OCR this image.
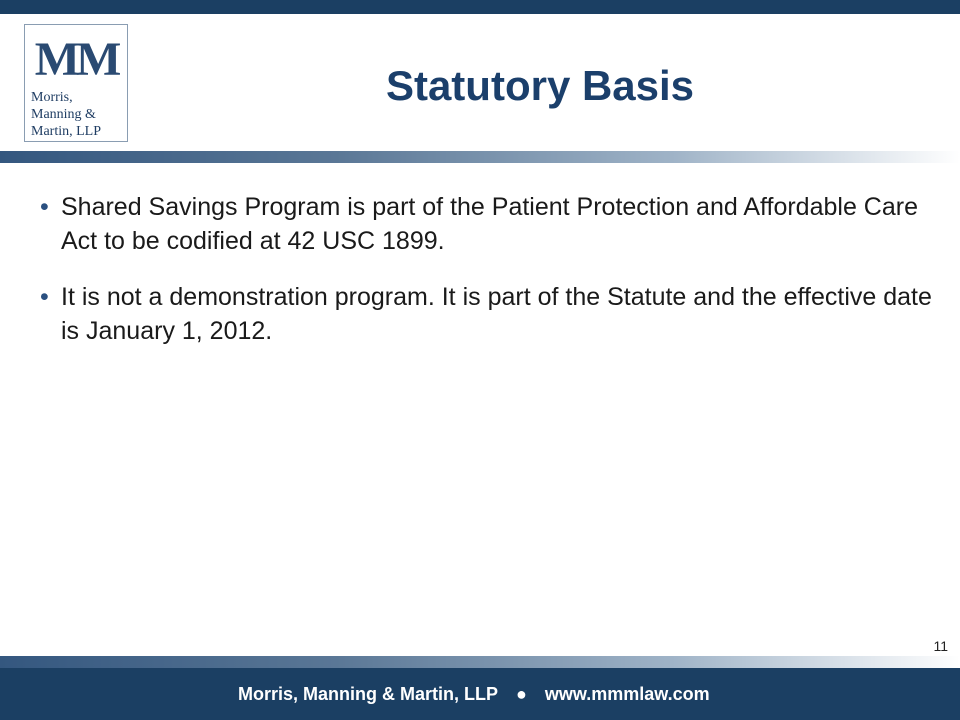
MM
Morris,
Manning &
Martin, LLP
Statutory Basis
• Shared Savings Program is part of the Patient Protection and Affordable Care Act to be codified at 42 USC 1899.
• It is not a demonstration program. It is part of the Statute and the effective date is January 1, 2012.
11
Morris, Manning & Martin, LLP ● www.mmmlaw.com
